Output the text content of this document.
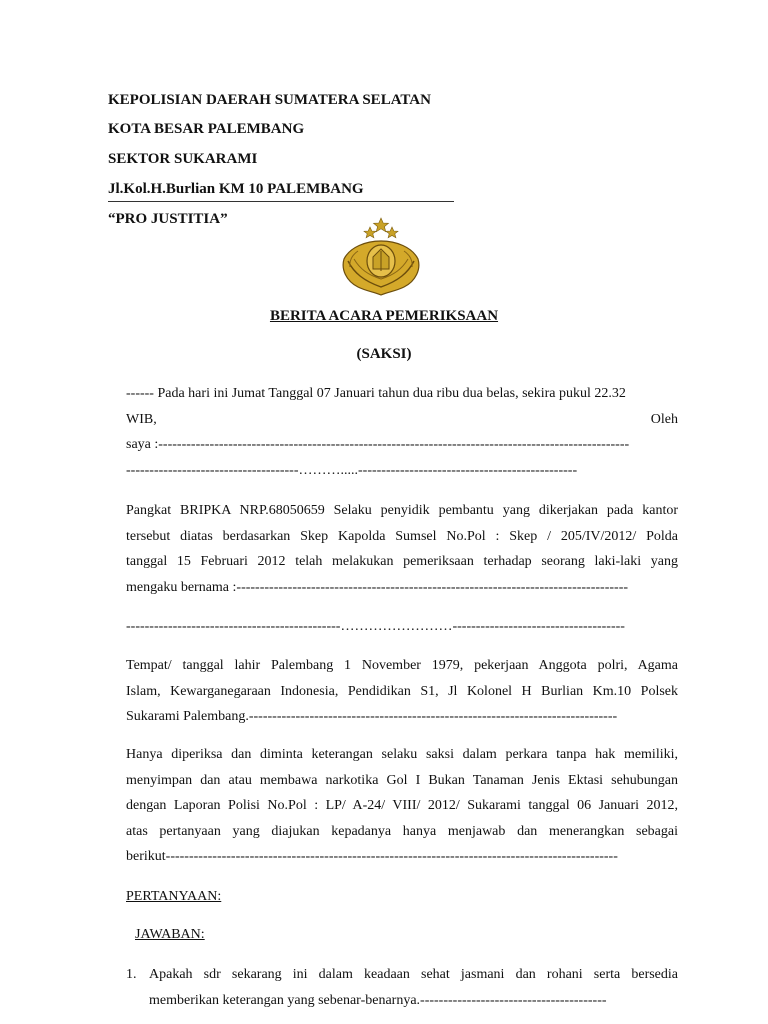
KEPOLISIAN DAERAH SUMATERA SELATAN
KOTA BESAR PALEMBANG
SEKTOR SUKARAMI
Jl.Kol.H.Burlian KM 10 PALEMBANG
“PRO JUSTITIA”
BERITA ACARA PEMERIKSAAN
(SAKSI)
------ Pada hari ini Jumat Tanggal 07 Januari tahun dua ribu dua belas, sekira pukul 22.32
WIB, Oleh
saya :-----------------------------------------------------------------------------------------------------
-------------------------------------……….....-----------------------------------------------
Pangkat BRIPKA NRP.68050659 Selaku penyidik pembantu yang dikerjakan pada kantor
tersebut diatas berdasarkan Skep Kapolda Sumsel No.Pol : Skep / 205/IV/2012/ Polda
tanggal 15 Februari 2012 telah melakukan pemeriksaan terhadap seorang laki-laki yang
mengaku bernama :------------------------------------------------------------------------------------
----------------------------------------------……………………-------------------------------------
Tempat/ tanggal lahir Palembang 1 November 1979, pekerjaan Anggota polri, Agama
Islam, Kewarganegaraan Indonesia, Pendidikan S1, Jl Kolonel H Burlian Km.10 Polsek
Sukarami Palembang.-------------------------------------------------------------------------------
Hanya diperiksa dan diminta keterangan selaku saksi dalam perkara tanpa hak memiliki,
menyimpan dan atau membawa narkotika Gol I Bukan Tanaman Jenis Ektasi sehubungan
dengan Laporan Polisi No.Pol : LP/ A-24/ VIII/ 2012/ Sukarami tanggal 06 Januari 2012,
atas pertanyaan yang diajukan kepadanya hanya menjawab dan menerangkan sebagai
berikut-------------------------------------------------------------------------------------------------
PERTANYAAN:
JAWABAN:
1. Apakah sdr sekarang ini dalam keadaan sehat jasmani dan rohani serta bersedia
memberikan keterangan yang sebenar-benarnya.----------------------------------------
